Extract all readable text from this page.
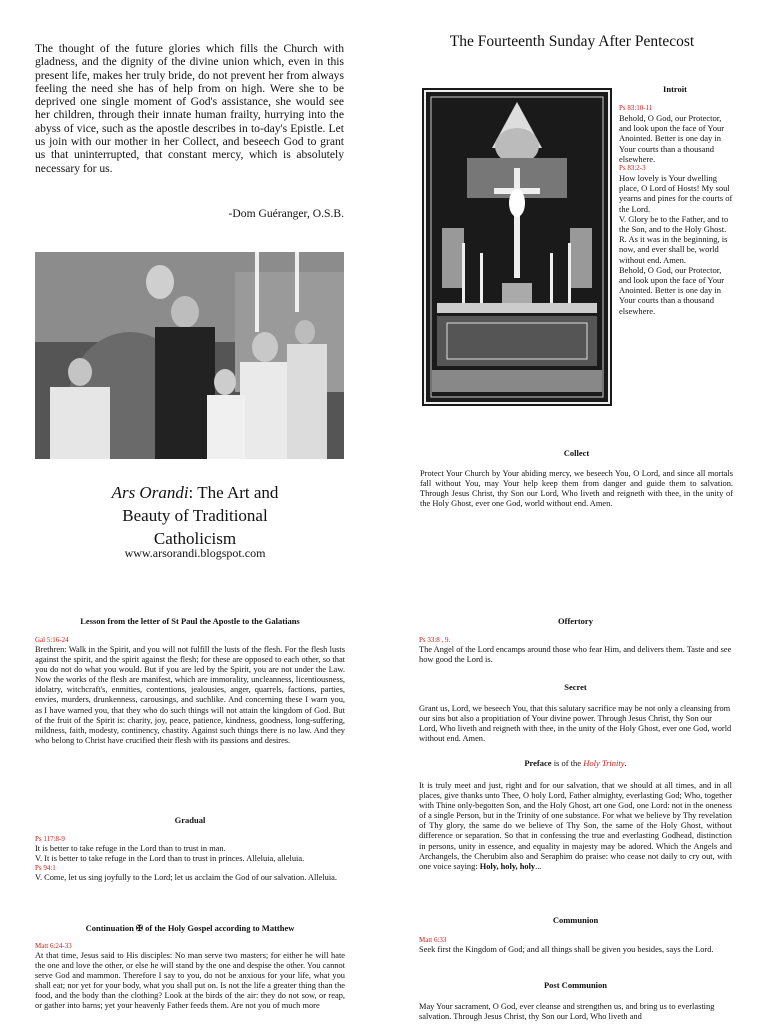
The thought of the future glories which fills the Church with gladness, and the dignity of the divine union which, even in this present life, makes her truly bride, do not prevent her from always feeling the need she has of help from on high. Were she to be deprived one single moment of God's assistance, she would see her children, through their innate human frailty, hurrying into the abyss of vice, such as the apostle describes in to-day's Epistle. Let us join with our mother in her Collect, and beseech God to grant us that uninterrupted, that constant mercy, which is absolutely necessary for us.
-Dom Guéranger, O.S.B.
Ars Orandi: The Art and Beauty of Traditional Catholicism
www.arsorandi.blogspot.com
The Fourteenth Sunday After Pentecost
Introit
Ps 83:10-11
Behold, O God, our Protector, and look upon the face of Your Anointed. Better is one day in Your courts than a thousand elsewhere.
Ps 83:2-3
How lovely is Your dwelling place, O Lord of Hosts! My soul yearns and pines for the courts of the Lord.
V. Glory be to the Father, and to the Son, and to the Holy Ghost.
R. As it was in the beginning, is now, and ever shall be, world without end. Amen.
Behold, O God, our Protector, and look upon the face of Your Anointed. Better is one day in Your courts than a thousand elsewhere.
Collect
Protect Your Church by Your abiding mercy, we beseech You, O Lord, and since all mortals fall without You, may Your help keep them from danger and guide them to salvation. Through Jesus Christ, thy Son our Lord, Who liveth and reigneth with thee, in the unity of the Holy Ghost, ever one God, world without end. Amen.
Lesson from the letter of St Paul the Apostle to the Galatians
Gal 5:16-24
Brethren: Walk in the Spirit, and you will not fulfill the lusts of the flesh. For the flesh lusts against the spirit, and the spirit against the flesh; for these are opposed to each other, so that you do not do what you would. But if you are led by the Spirit, you are not under the Law. Now the works of the flesh are manifest, which are immorality, uncleanness, licentiousness, idolatry, witchcraft's, enmities, contentions, jealousies, anger, quarrels, factions, parties, envies, murders, drunkenness, carousings, and suchlike. And concerning these I warn you, as I have warned you, that they who do such things will not attain the kingdom of God. But of the fruit of the Spirit is: charity, joy, peace, patience, kindness, goodness, long-suffering, mildness, faith, modesty, continency, chastity. Against such things there is no law. And they who belong to Christ have crucified their flesh with its passions and desires.
Gradual
Ps 117:8-9
It is better to take refuge in the Lord than to trust in man.
V. It is better to take refuge in the Lord than to trust in princes. Alleluia, alleluia.
Ps 94:1
V. Come, let us sing joyfully to the Lord; let us acclaim the God of our salvation. Alleluia.
Continuation ✠ of the Holy Gospel according to Matthew
Matt 6:24-33
At that time, Jesus said to His disciples: No man serve two masters; for either he will hate the one and love the other, or else he will stand by the one and despise the other. You cannot serve God and mammon. Therefore I say to you, do not be anxious for your life, what you shall eat; nor yet for your body, what you shall put on. Is not the life a greater thing than the food, and the body than the clothing? Look at the birds of the air: they do not sow, or reap, or gather into barns; yet your heavenly Father feeds them. Are not you of much more
Offertory
Ps 33:8 , 9.
The Angel of the Lord encamps around those who fear Him, and delivers them. Taste and see how good the Lord is.
Secret
Grant us, Lord, we beseech You, that this salutary sacrifice may be not only a cleansing from our sins but also a propitiation of Your divine power. Through Jesus Christ, thy Son our Lord, Who liveth and reigneth with thee, in the unity of the Holy Ghost, ever one God, world without end. Amen.
Preface is of the Holy Trinity.
It is truly meet and just, right and for our salvation, that we should at all times, and in all places, give thanks unto Thee, O holy Lord, Father almighty, everlasting God; Who, together with Thine only-begotten Son, and the Holy Ghost, art one God, one Lord: not in the oneness of a single Person, but in the Trinity of one substance. For what we believe by Thy revelation of Thy glory, the same do we believe of Thy Son, the same of the Holy Ghost, without difference or separation. So that in confessing the true and everlasting Godhead, distinction in persons, unity in essence, and equality in majesty may be adored. Which the Angels and Archangels, the Cherubim also and Seraphim do praise: who cease not daily to cry out, with one voice saying: Holy, holy, holy...
Communion
Matt 6:33
Seek first the Kingdom of God; and all things shall be given you besides, says the Lord.
Post Communion
May Your sacrament, O God, ever cleanse and strengthen us, and bring us to everlasting salvation. Through Jesus Christ, thy Son our Lord, Who liveth and
